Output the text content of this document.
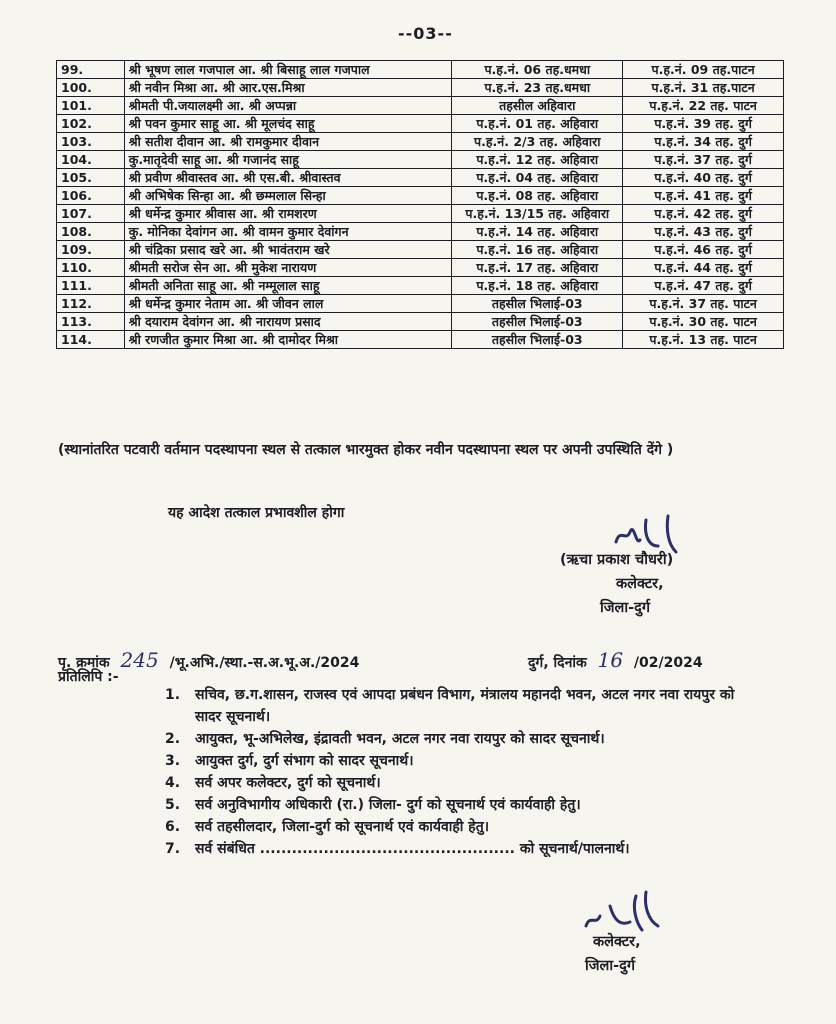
--03--
99.	श्री भूषण लाल गजपाल आ. श्री बिसाहू लाल गजपाल	प.ह.नं. 06 तह.धमधा	प.ह.नं. 09 तह.पाटन
100.	श्री नवीन मिश्रा आ. श्री आर.एस.मिश्रा	प.ह.नं. 23 तह.धमधा	प.ह.नं. 31 तह.पाटन
101.	श्रीमती पी.जयालक्ष्मी आ. श्री अप्पन्ना	तहसील अहिवारा	प.ह.नं. 22 तह. पाटन
102.	श्री पवन कुमार साहू आ. श्री मूलचंद साहू	प.ह.नं. 01 तह. अहिवारा	प.ह.नं. 39 तह. दुर्ग
103.	श्री सतीश दीवान आ. श्री रामकुमार दीवान	प.ह.नं. 2/3 तह. अहिवारा	प.ह.नं. 34 तह. दुर्ग
104.	कु.मातृदेवी साहू आ. श्री गजानंद साहू	प.ह.नं. 12 तह. अहिवारा	प.ह.नं. 37 तह. दुर्ग
105.	श्री प्रवीण श्रीवास्तव आ. श्री एस.बी. श्रीवास्तव	प.ह.नं. 04 तह. अहिवारा	प.ह.नं. 40 तह. दुर्ग
106.	श्री अभिषेक सिन्हा आ. श्री छम्मलाल सिन्हा	प.ह.नं. 08 तह. अहिवारा	प.ह.नं. 41 तह. दुर्ग
107.	श्री धर्मेन्द्र कुमार श्रीवास आ. श्री रामशरण	प.ह.नं. 13/15 तह. अहिवारा	प.ह.नं. 42 तह. दुर्ग
108.	कु. मोनिका देवांगन आ. श्री वामन कुमार देवांगन	प.ह.नं. 14 तह. अहिवारा	प.ह.नं. 43 तह. दुर्ग
109.	श्री चंद्रिका प्रसाद खरे आ. श्री भावंतराम खरे	प.ह.नं. 16 तह. अहिवारा	प.ह.नं. 46 तह. दुर्ग
110.	श्रीमती सरोज सेन आ. श्री मुकेश नारायण	प.ह.नं. 17 तह. अहिवारा	प.ह.नं. 44 तह. दुर्ग
111.	श्रीमती अनिता साहू आ. श्री नम्मूलाल साहू	प.ह.नं. 18 तह. अहिवारा	प.ह.नं. 47 तह. दुर्ग
112.	श्री धर्मेन्द्र कुमार नेताम आ. श्री जीवन लाल	तहसील भिलाई-03	प.ह.नं. 37 तह. पाटन
113.	श्री दयाराम देवांगन आ. श्री नारायण प्रसाद	तहसील भिलाई-03	प.ह.नं. 30 तह. पाटन
114.	श्री रणजीत कुमार मिश्रा आ. श्री दामोदर मिश्रा	तहसील भिलाई-03	प.ह.नं. 13 तह. पाटन
(स्थानांतरित पटवारी वर्तमान पदस्थापना स्थल से तत्काल भारमुक्त होकर नवीन पदस्थापना स्थल पर अपनी उपस्थिति देंगे )
यह आदेश तत्काल प्रभावशील होगा
(ऋचा प्रकाश चौधरी)
कलेक्टर,
जिला-दुर्ग
पृ. क्रमांक 245 /भू.अभि./स्था.-स.अ.भू.अ./2024	दुर्ग, दिनांक 16 /02/2024
प्रतिलिपि :-
1.	सचिव, छ.ग.शासन, राजस्व एवं आपदा प्रबंधन विभाग, मंत्रालय महानदी भवन, अटल नगर नवा रायपुर को सादर सूचनार्थ।
2.	आयुक्त, भू-अभिलेख, इंद्रावती भवन, अटल नगर नवा रायपुर को सादर सूचनार्थ।
3.	आयुक्त दुर्ग, दुर्ग संभाग को सादर सूचनार्थ।
4.	सर्व अपर कलेक्टर, दुर्ग को सूचनार्थ।
5.	सर्व अनुविभागीय अधिकारी (रा.) जिला- दुर्ग को सूचनार्थ एवं कार्यवाही हेतु।
6.	सर्व तहसीलदार, जिला-दुर्ग को सूचनार्थ एवं कार्यवाही हेतु।
7.	सर्व संबंधित ................................................ को सूचनार्थ/पालनार्थ।
कलेक्टर,
जिला-दुर्ग
